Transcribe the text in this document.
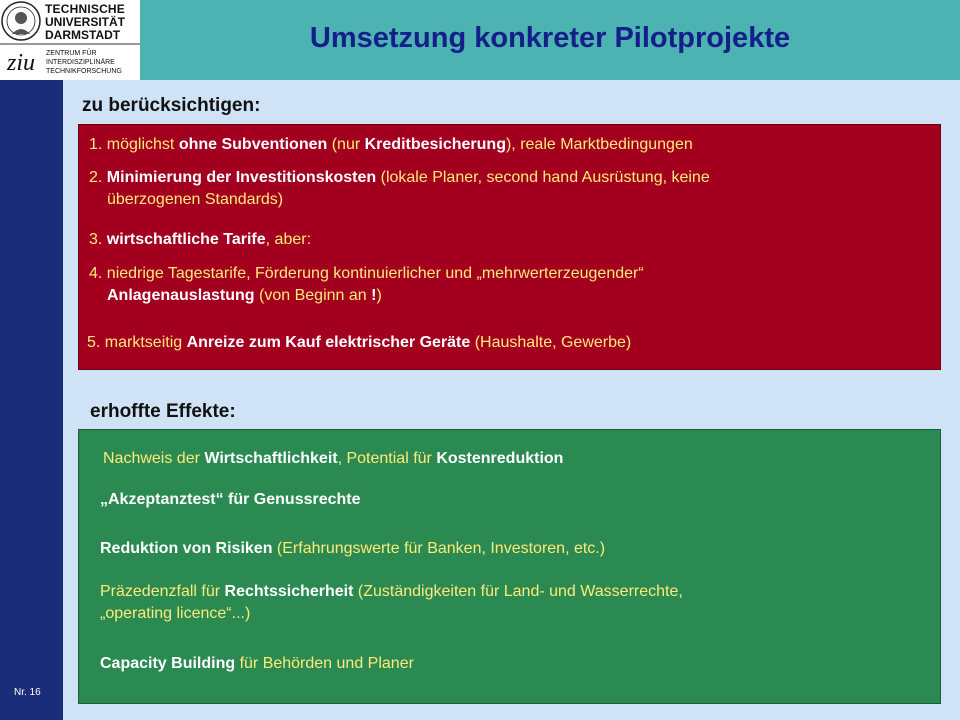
ziu
TECHNISCHE
UNIVERSITÄT
DARMSTADT
ZENTRUM FÜR
INTERDISZIPLINÄRE
TECHNIKFORSCHUNG
Umsetzung konkreter Pilotprojekte
Nr. 16
zu berücksichtigen:
1. möglichst ohne Subventionen (nur Kreditbesicherung), reale Marktbedingungen
2. Minimierung der Investitionskosten (lokale Planer, second hand Ausrüstung, keine
überzogenen Standards)
3. wirtschaftliche Tarife, aber:
4. niedrige Tagestarife, Förderung kontinuierlicher und „mehrwerterzeugender“
Anlagenauslastung (von Beginn an !)
5. marktseitig Anreize zum Kauf elektrischer Geräte (Haushalte, Gewerbe)
erhoffte Effekte:
Nachweis der Wirtschaftlichkeit, Potential für Kostenreduktion
„Akzeptanztest“ für Genussrechte
Reduktion von Risiken (Erfahrungswerte für Banken, Investoren, etc.)
Präzedenzfall für Rechtssicherheit (Zuständigkeiten für Land- und Wasserrechte,
„operating licence“...)
Capacity Building für Behörden und Planer
